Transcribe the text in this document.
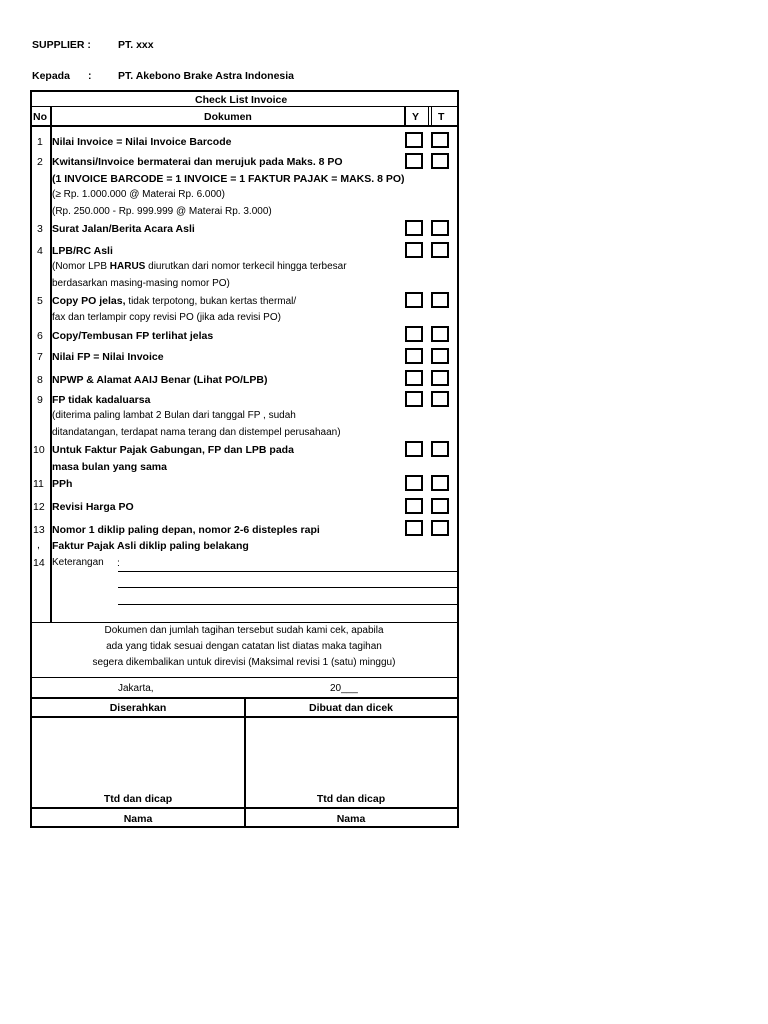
SUPPLIER :	PT. xxx
Kepada :	PT. Akebono Brake Astra Indonesia
Check List Invoice
No	Dokumen	Y T
1 Nilai Invoice = Nilai Invoice Barcode
2 Kwitansi/Invoice bermaterai dan merujuk pada Maks. 8 PO
(1 INVOICE BARCODE = 1 INVOICE = 1 FAKTUR PAJAK = MAKS. 8 PO)
(≥ Rp. 1.000.000 @ Materai Rp. 6.000)
(Rp. 250.000 - Rp. 999.999 @ Materai Rp. 3.000)
3 Surat Jalan/Berita Acara Asli
4 LPB/RC Asli
(Nomor LPB HARUS diurutkan dari nomor terkecil hingga terbesar
berdasarkan masing-masing nomor PO)
5 Copy PO jelas, tidak terpotong, bukan kertas thermal/
fax dan terlampir copy revisi PO (jika ada revisi PO)
6 Copy/Tembusan FP terlihat jelas
7 Nilai FP = Nilai Invoice
8 NPWP & Alamat AAIJ Benar (Lihat PO/LPB)
9 FP tidak kadaluarsa
(diterima paling lambat 2 Bulan dari tanggal FP , sudah
ditandatangan, terdapat nama terang dan distempel perusahaan)
10 Untuk Faktur Pajak Gabungan, FP dan LPB pada
masa bulan yang sama
11 PPh
12 Revisi Harga PO
13 Nomor 1 diklip paling depan, nomor 2-6 disteples rapi
, Faktur Pajak Asli diklip paling belakang
14 Keterangan :
Dokumen dan jumlah tagihan tersebut sudah kami cek, apabila
ada yang tidak sesuai dengan catatan list diatas maka tagihan
segera dikembalikan untuk direvisi (Maksimal revisi 1 (satu) minggu)
Jakarta,	20___
Diserahkan	Dibuat dan dicek
Ttd dan dicap	Ttd dan dicap
Nama	Nama
